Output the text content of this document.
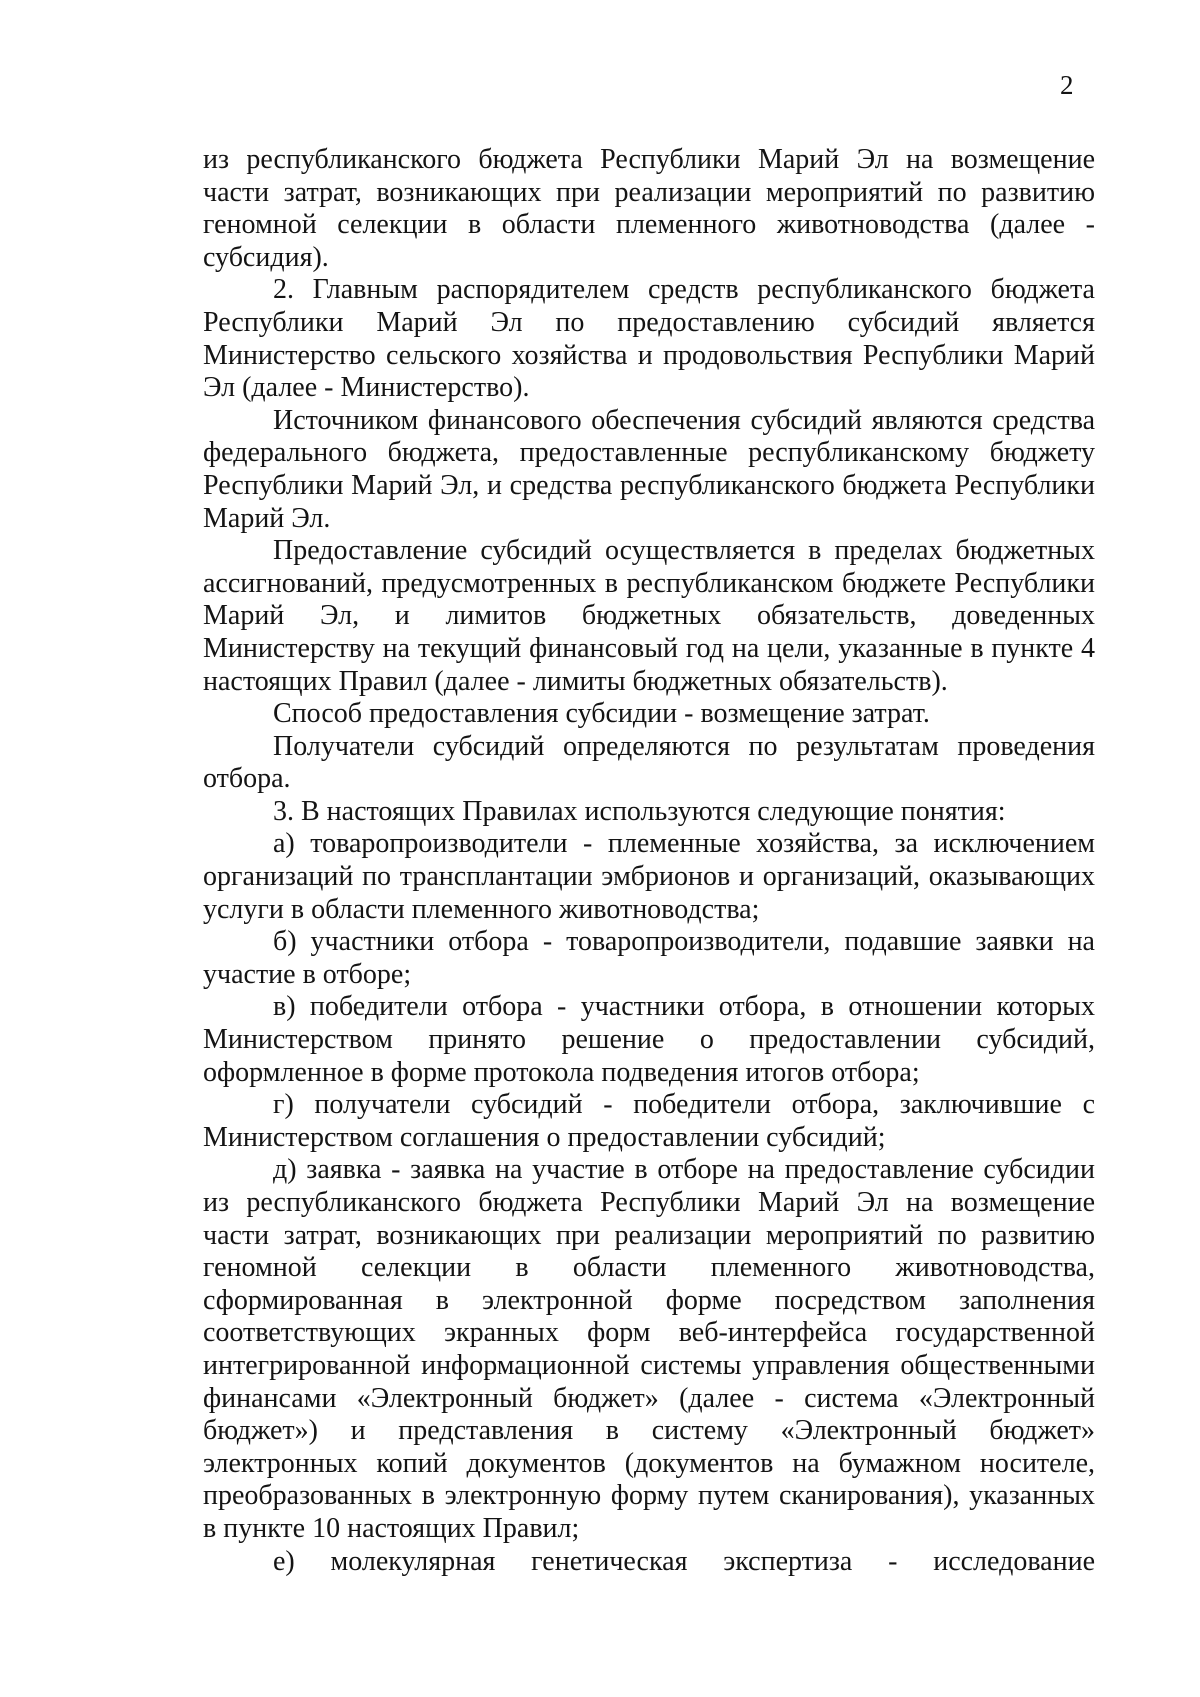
2

из республиканского бюджета Республики Марий Эл на возмещение части затрат, возникающих при реализации мероприятий по развитию геномной селекции в области племенного животноводства (далее - субсидия).

2. Главным распорядителем средств республиканского бюджета Республики Марий Эл по предоставлению субсидий является Министерство сельского хозяйства и продовольствия Республики Марий Эл (далее - Министерство).

Источником финансового обеспечения субсидий являются средства федерального бюджета, предоставленные республиканскому бюджету Республики Марий Эл, и средства республиканского бюджета Республики Марий Эл.

Предоставление субсидий осуществляется в пределах бюджетных ассигнований, предусмотренных в республиканском бюджете Республики Марий Эл, и лимитов бюджетных обязательств, доведенных Министерству на текущий финансовый год на цели, указанные в пункте 4 настоящих Правил (далее - лимиты бюджетных обязательств).

Способ предоставления субсидии - возмещение затрат.

Получатели субсидий определяются по результатам проведения отбора.

3. В настоящих Правилах используются следующие понятия:

а) товаропроизводители - племенные хозяйства, за исключением организаций по трансплантации эмбрионов и организаций, оказывающих услуги в области племенного животноводства;

б) участники отбора - товаропроизводители, подавшие заявки на участие в отборе;

в) победители отбора - участники отбора, в отношении которых Министерством принято решение о предоставлении субсидий, оформленное в форме протокола подведения итогов отбора;

г) получатели субсидий - победители отбора, заключившие с Министерством соглашения о предоставлении субсидий;

д) заявка - заявка на участие в отборе на предоставление субсидии из республиканского бюджета Республики Марий Эл на возмещение части затрат, возникающих при реализации мероприятий по развитию геномной селекции в области племенного животноводства, сформированная в электронной форме посредством заполнения соответствующих экранных форм веб-интерфейса государственной интегрированной информационной системы управления общественными финансами «Электронный бюджет» (далее - система «Электронный бюджет») и представления в систему «Электронный бюджет» электронных копий документов (документов на бумажном носителе, преобразованных в электронную форму путем сканирования), указанных в пункте 10 настоящих Правил;

е) молекулярная генетическая экспертиза - исследование
